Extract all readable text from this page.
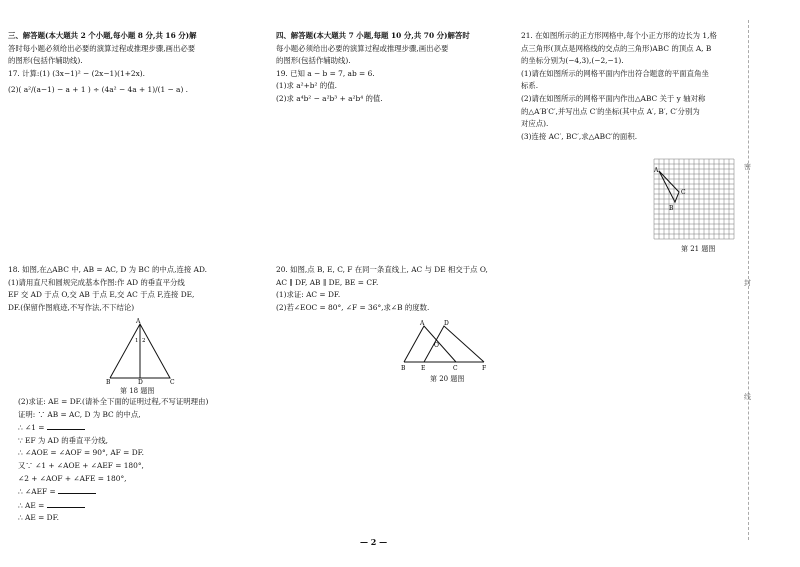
三、解答题(本大题共 2 个小题,每小题 8 分,共 16 分)解

答时每小题必须给出必要的演算过程或推理步骤,画出必要

的图形(包括作辅助线).

17. 计算:(1) (3x−1)² − (2x−1)(1+2x).

(2)( a²/(a−1) − a + 1 ) ÷ (4a² − 4a + 1)/(1 − a) .

四、解答题(本大题共 7 小题,每题 10 分,共 70 分)解答时

每小题必须给出必要的演算过程或推理步骤,画出必要

的图形(包括作辅助线).

19. 已知 a − b = 7, ab = 6.

(1)求 a²+b² 的值.

(2)求 a⁴b² − a²b³ + a²b⁴ 的值.

21. 在如图所示的正方形网格中,每个小正方形的边长为 1,格

点三角形(顶点是网格线的交点的三角形)ABC 的顶点 A, B

的坐标分别为(−4,3),(−2,−1).

(1)请在如图所示的网格平面内作出符合题意的平面直角坐

标系.

(2)请在如图所示的网格平面内作出△ABC 关于 y 轴对称

的△A′B′C′,并写出点 C′的坐标(其中点 A′, B′, C′分别为

对应点).

(3)连接 AC′, BC′,求△ABC′的面积.

A
B
C
第 21 题图

18. 如图,在△ABC 中, AB = AC, D 为 BC 的中点,连接 AD.

(1)请用直尺和圆规完成基本作图:作 AD 的垂直平分线

EF 交 AD 于点 O,交 AB 于点 E,交 AC 于点 F,连接 DE,

DF.(保留作图痕迹,不写作法,不下结论)

A
B	D	C
1 2
第 18 题图

(2)求证: AE = DF.(请补全下面的证明过程,不写证明理由)

证明: ∵ AB = AC, D 为 BC 的中点,

∴ ∠1 =

∵ EF 为 AD 的垂直平分线,

∴ ∠AOE = ∠AOF = 90°, AF = DF.

又∵ ∠1 + ∠AOE + ∠AEF = 180°,

∠2 + ∠AOF + ∠AFE = 180°,

∴ ∠AEF =

∴ AE =

∴ AE = DF.

20. 如图,点 B, E, C, F 在同一条直线上, AC 与 DE 相交于点 O,

AC ∥ DF, AB ∥ DE, BE = CF.

(1)求证: AC = DF.

(2)若∠EOC = 80°, ∠F = 36°,求∠B 的度数.

A	D
O
B	E	C	F
第 20 题图
密
封
线
— 2 —
